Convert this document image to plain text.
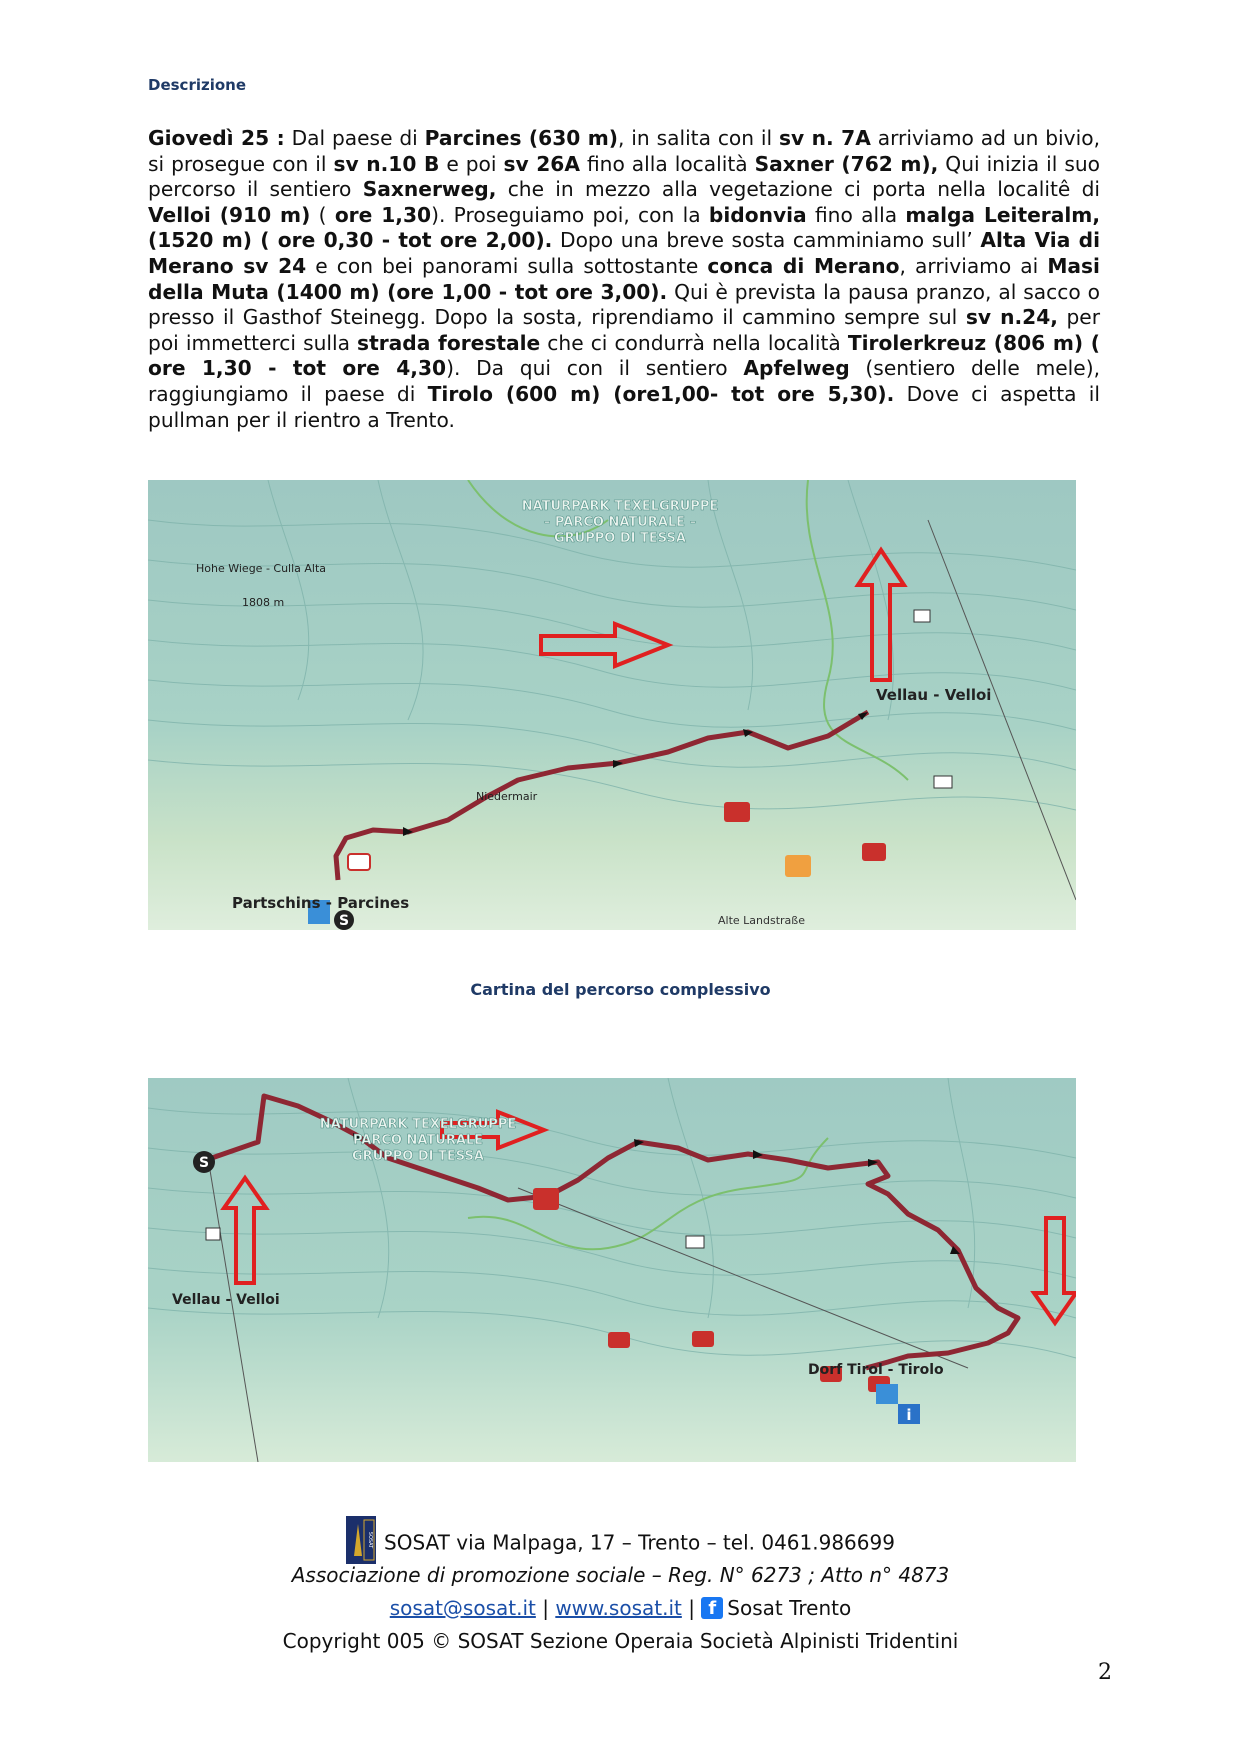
Descrizione

Giovedì 25 : Dal paese di Parcines (630 m), in salita con il sv n. 7A arriviamo ad un bivio, si prosegue con il sv n.10 B e poi sv 26A fino alla località Saxner (762 m), Qui inizia il suo percorso il sentiero Saxnerweg, che in mezzo alla vegetazione ci porta nella localitê di Velloi (910 m) ( ore 1,30). Proseguiamo poi, con la bidonvia fino alla malga Leiteralm, (1520 m) ( ore 0,30 - tot ore 2,00). Dopo una breve sosta camminiamo sull’ Alta Via di Merano sv 24 e con bei panorami sulla sottostante conca di Merano, arriviamo ai Masi della Muta (1400 m) (ore 1,00 - tot ore 3,00). Qui è prevista la pausa pranzo, al sacco o presso il Gasthof Steinegg. Dopo la sosta, riprendiamo il cammino sempre sul sv n.24, per poi immetterci sulla strada forestale che ci condurrà nella località Tirolerkreuz (806 m) ( ore 1,30 - tot ore 4,30). Da qui con il sentiero Apfelweg (sentiero delle mele), raggiungiamo il paese di Tirolo (600 m) (ore1,00- tot ore 5,30). Dove ci aspetta il pullman per il rientro a Trento.

S
NATURPARK TEXELGRUPPE
– PARCO NATURALE –
GRUPPO DI TESSA
Hohe Wiege - Culla Alta
1808 m
Vellau - Velloi
Niedermair
Partschins - Parcines
Alte Landstraße
Cartina del percorso complessivo
i
S
NATURPARK TEXELGRUPPE
PARCO NATURALE
GRUPPO DI TESSA
Vellau - Velloi
Dorf Tirol - Tirolo
SOSAT SOSAT via Malpaga, 17 – Trento – tel. 0461.986699
Associazione di promozione sociale – Reg. N° 6273 ; Atto n° 4873
sosat@sosat.it | www.sosat.it | f Sosat Trento
Copyright 005 © SOSAT Sezione Operaia Società Alpinisti Tridentini
2
